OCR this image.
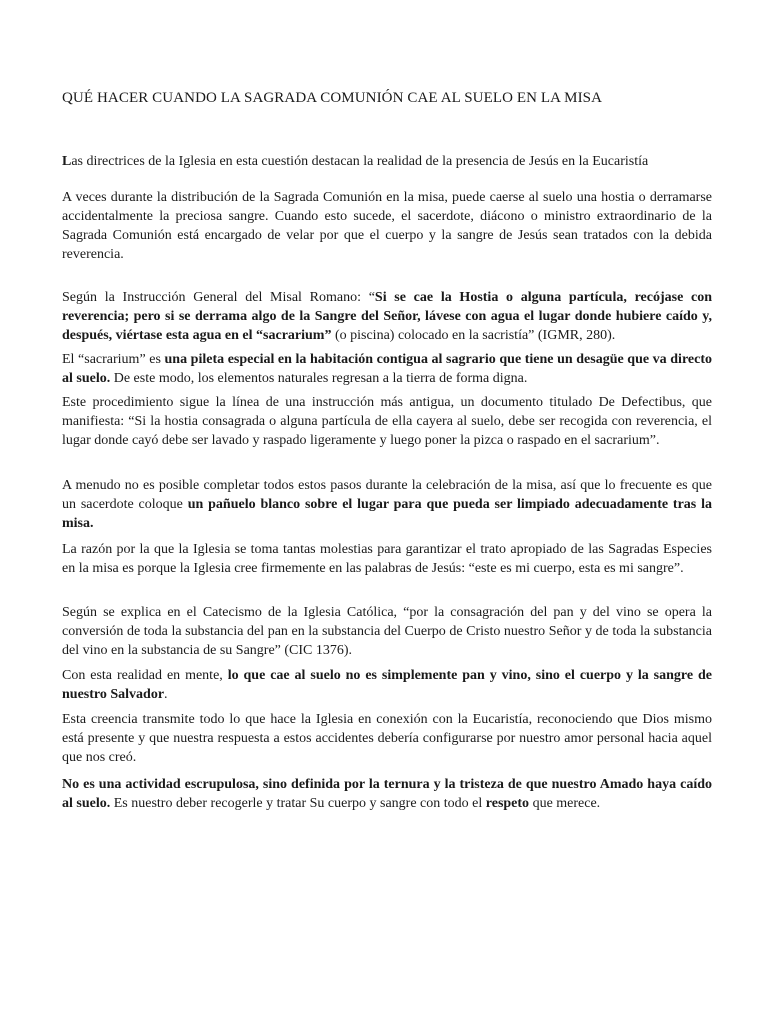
QUÉ HACER CUANDO LA SAGRADA COMUNIÓN CAE AL SUELO EN LA MISA

Las directrices de la Iglesia en esta cuestión destacan la realidad de la presencia de Jesús en la Eucaristía

A veces durante la distribución de la Sagrada Comunión en la misa, puede caerse al suelo una hostia o derramarse accidentalmente la preciosa sangre. Cuando esto sucede, el sacerdote, diácono o ministro extraordinario de la Sagrada Comunión está encargado de velar por que el cuerpo y la sangre de Jesús sean tratados con la debida reverencia.

Según la Instrucción General del Misal Romano: “Si se cae la Hostia o alguna partícula, recójase con reverencia; pero si se derrama algo de la Sangre del Señor, lávese con agua el lugar donde hubiere caído y, después, viértase esta agua en el “sacrarium” (o piscina) colocado en la sacristía” (IGMR, 280).

El “sacrarium” es una pileta especial en la habitación contigua al sagrario que tiene un desagüe que va directo al suelo. De este modo, los elementos naturales regresan a la tierra de forma digna.

Este procedimiento sigue la línea de una instrucción más antigua, un documento titulado De Defectibus, que manifiesta: “Si la hostia consagrada o alguna partícula de ella cayera al suelo, debe ser recogida con reverencia, el lugar donde cayó debe ser lavado y raspado ligeramente y luego poner la pizca o raspado en el sacrarium”.

A menudo no es posible completar todos estos pasos durante la celebración de la misa, así que lo frecuente es que un sacerdote coloque un pañuelo blanco sobre el lugar para que pueda ser limpiado adecuadamente tras la misa.

La razón por la que la Iglesia se toma tantas molestias para garantizar el trato apropiado de las Sagradas Especies en la misa es porque la Iglesia cree firmemente en las palabras de Jesús: “este es mi cuerpo, esta es mi sangre”.

Según se explica en el Catecismo de la Iglesia Católica, “por la consagración del pan y del vino se opera la conversión de toda la substancia del pan en la substancia del Cuerpo de Cristo nuestro Señor y de toda la substancia del vino en la substancia de su Sangre” (CIC 1376).

Con esta realidad en mente, lo que cae al suelo no es simplemente pan y vino, sino el cuerpo y la sangre de nuestro Salvador.

Esta creencia transmite todo lo que hace la Iglesia en conexión con la Eucaristía, reconociendo que Dios mismo está presente y que nuestra respuesta a estos accidentes debería configurarse por nuestro amor personal hacia aquel que nos creó.

No es una actividad escrupulosa, sino definida por la ternura y la tristeza de que nuestro Amado haya caído al suelo. Es nuestro deber recogerle y tratar Su cuerpo y sangre con todo el respeto que merece.
